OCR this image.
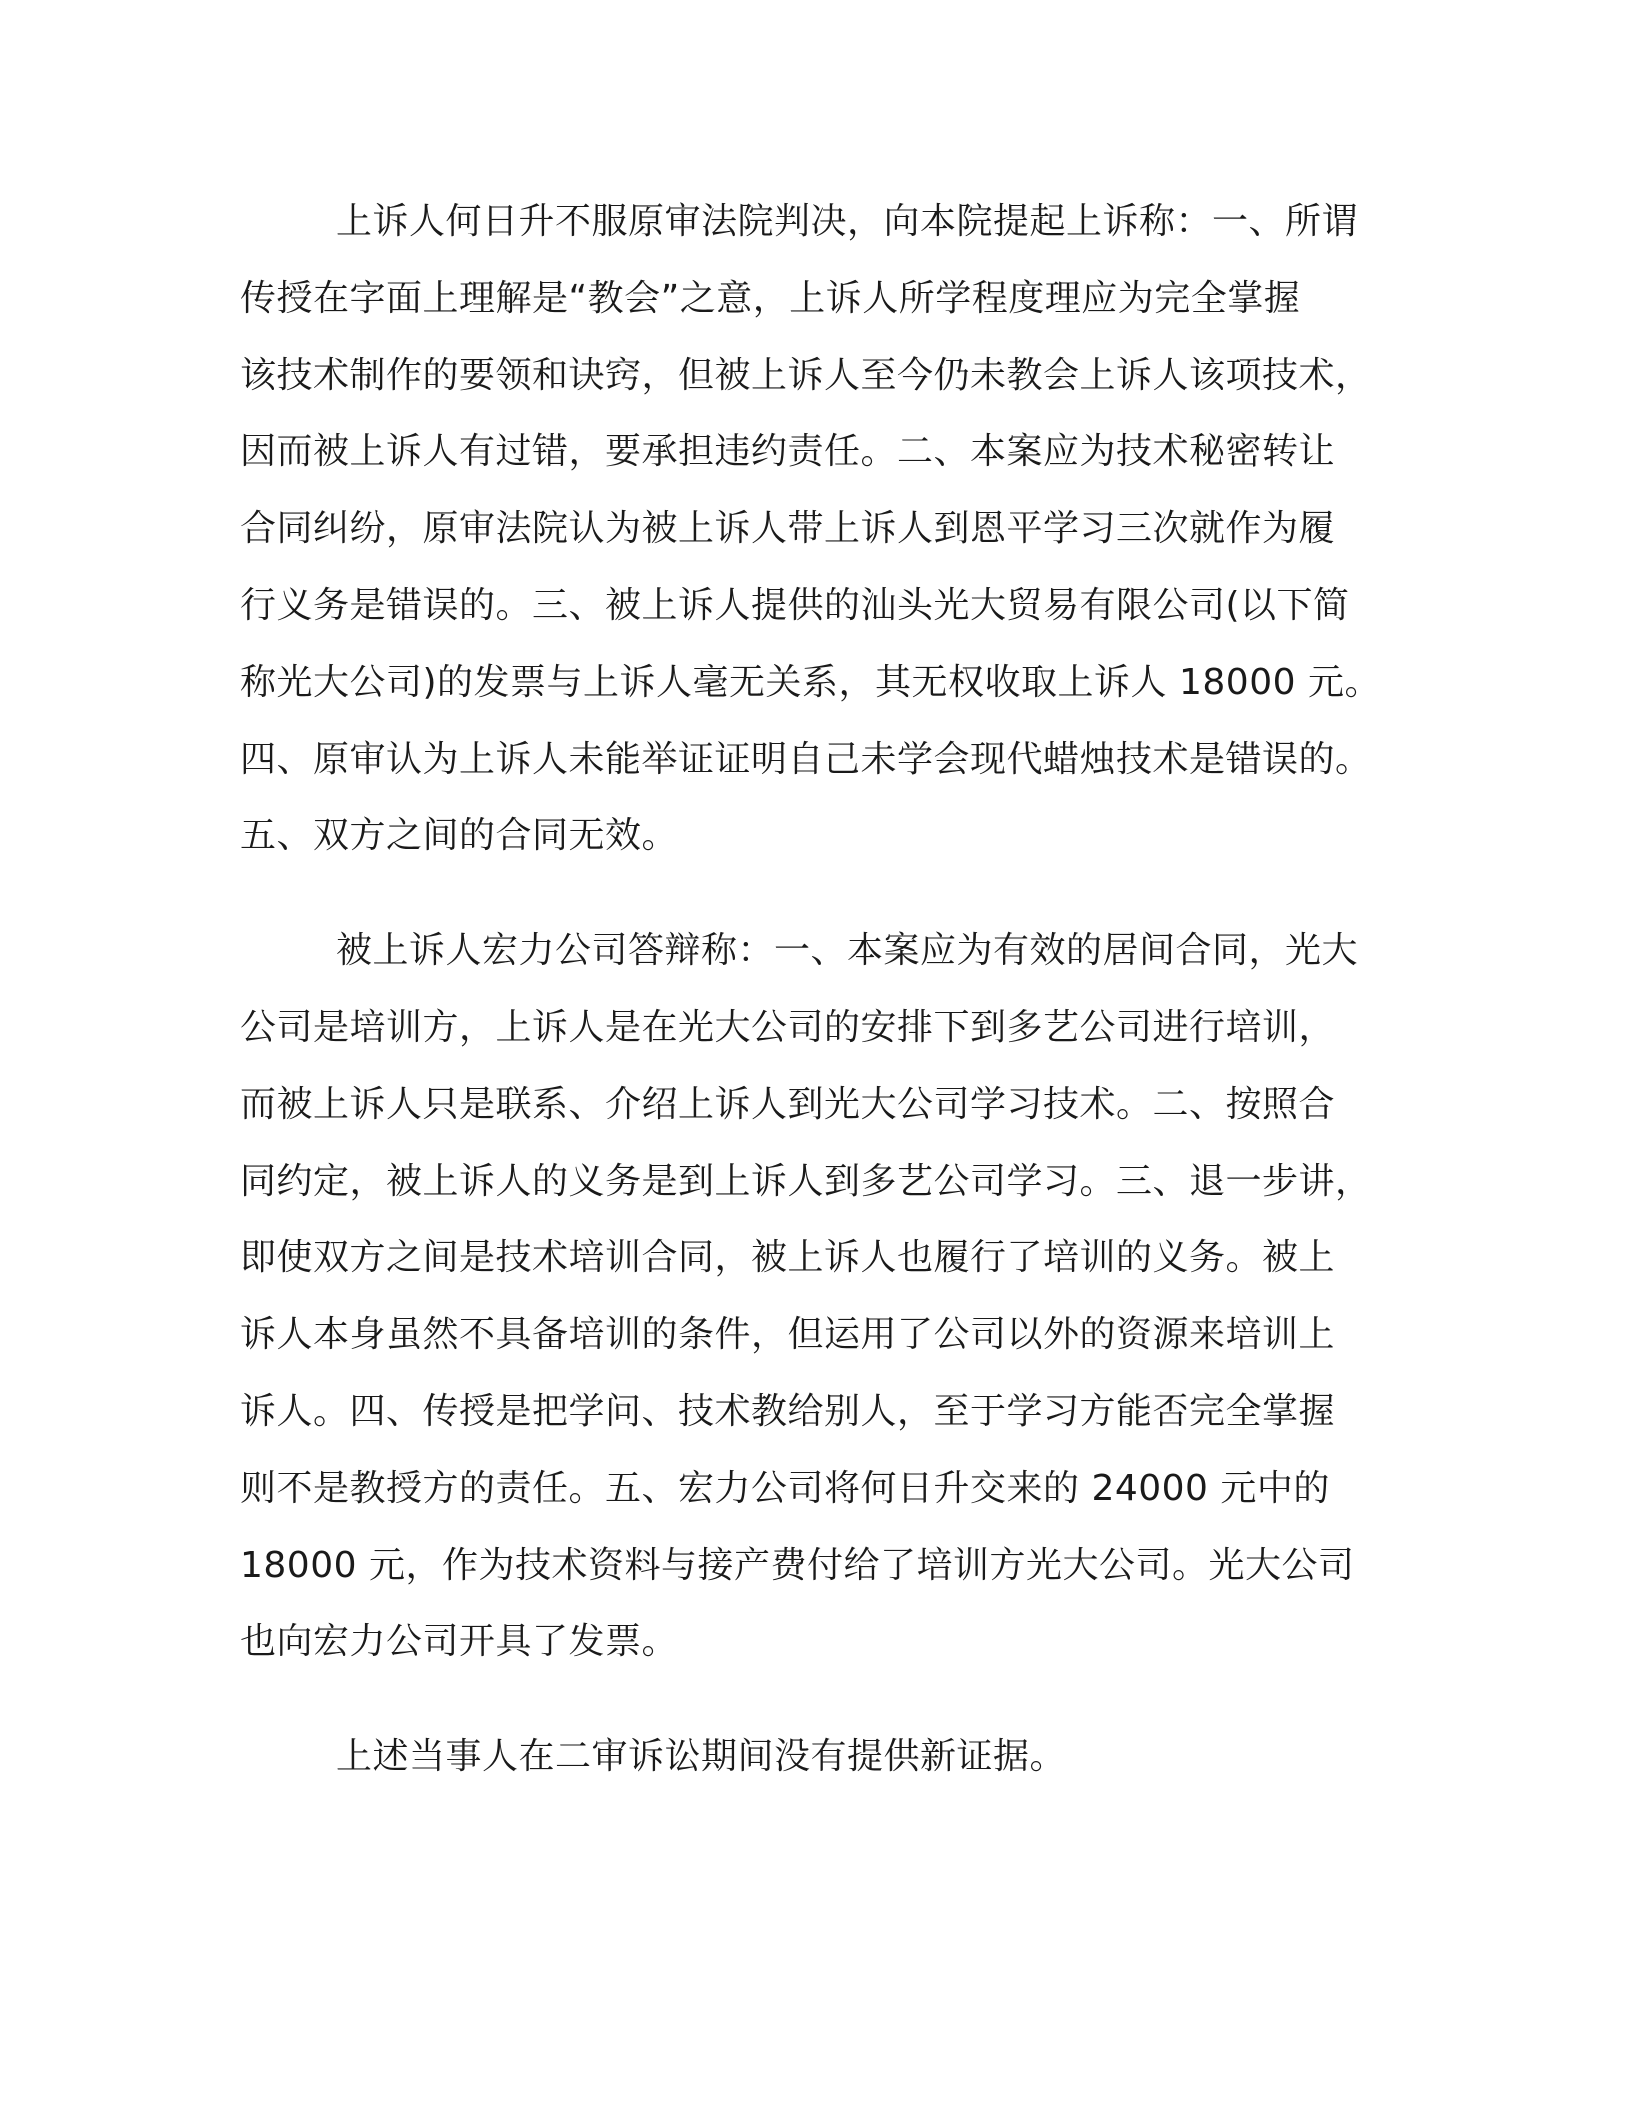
上诉人何日升不服原审法院判决，向本院提起上诉称：一、所谓
传授在字面上理解是“教会”之意，上诉人所学程度理应为完全掌握
该技术制作的要领和诀窍，但被上诉人至今仍未教会上诉人该项技术，
因而被上诉人有过错，要承担违约责任。二、本案应为技术秘密转让
合同纠纷，原审法院认为被上诉人带上诉人到恩平学习三次就作为履
行义务是错误的。三、被上诉人提供的汕头光大贸易有限公司(以下简
称光大公司)的发票与上诉人毫无关系，其无权收取上诉人 18000 元。
四、原审认为上诉人未能举证证明自己未学会现代蜡烛技术是错误的。
五、双方之间的合同无效。

被上诉人宏力公司答辩称：一、本案应为有效的居间合同，光大
公司是培训方，上诉人是在光大公司的安排下到多艺公司进行培训，
而被上诉人只是联系、介绍上诉人到光大公司学习技术。二、按照合
同约定，被上诉人的义务是到上诉人到多艺公司学习。三、退一步讲，
即使双方之间是技术培训合同，被上诉人也履行了培训的义务。被上
诉人本身虽然不具备培训的条件，但运用了公司以外的资源来培训上
诉人。四、传授是把学问、技术教给别人，至于学习方能否完全掌握
则不是教授方的责任。五、宏力公司将何日升交来的 24000 元中的
18000 元，作为技术资料与接产费付给了培训方光大公司。光大公司
也向宏力公司开具了发票。

上述当事人在二审诉讼期间没有提供新证据。
